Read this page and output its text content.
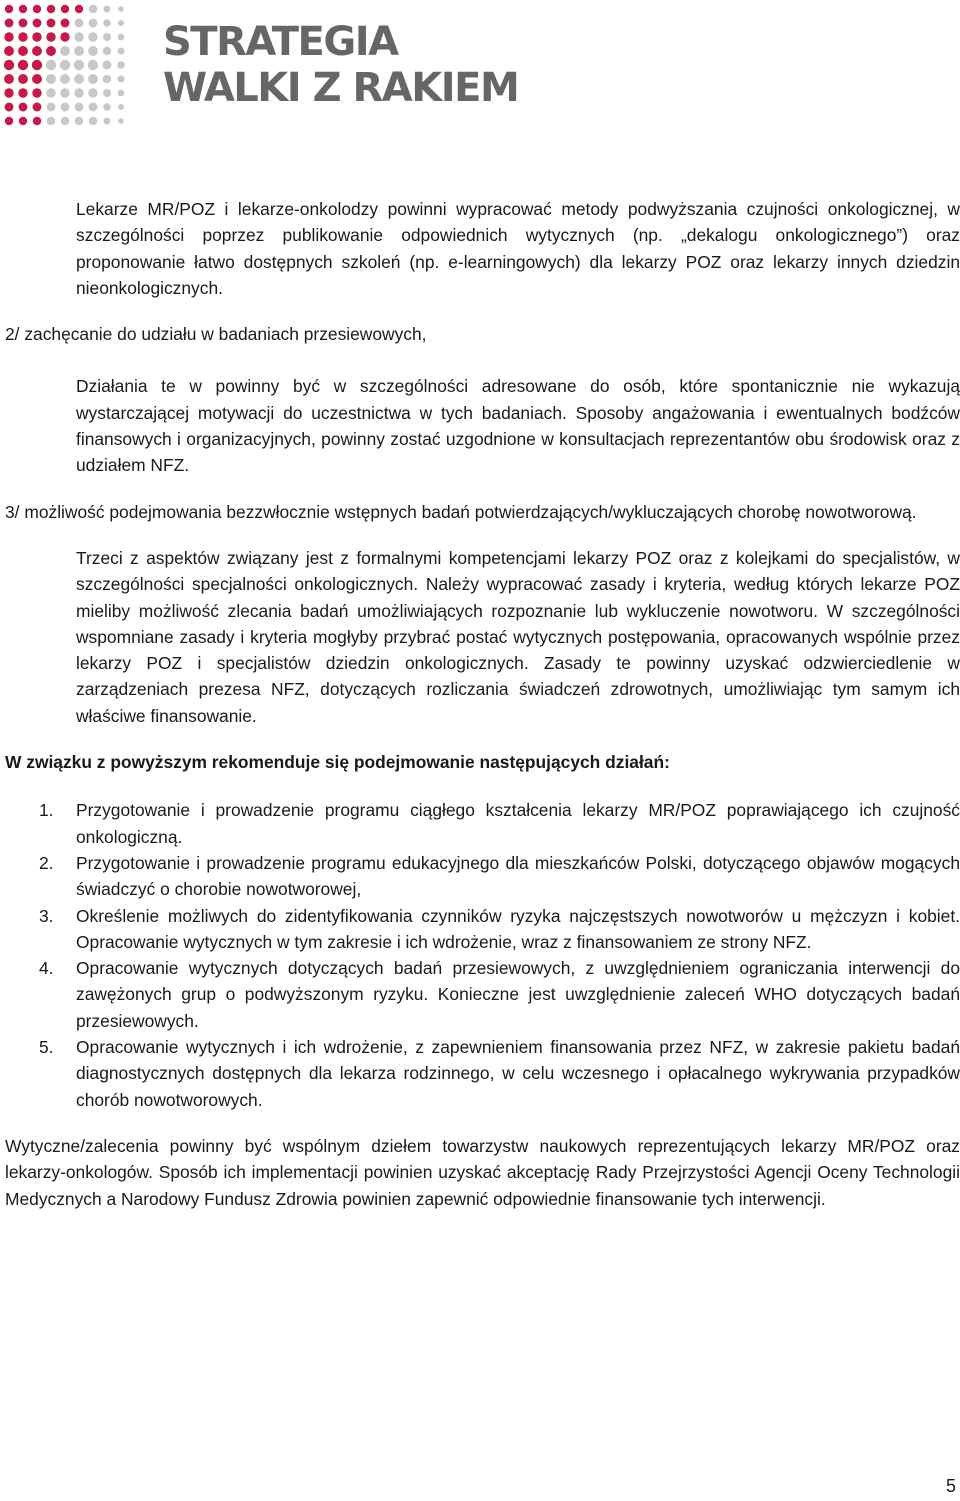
STRATEGIA
WALKI Z RAKIEM

Lekarze MR/POZ i lekarze-onkolodzy powinni wypracować metody podwyższania czujności onkologicznej, w szczególności poprzez publikowanie odpowiednich wytycznych (np. „dekalogu onkologicznego”) oraz proponowanie łatwo dostępnych szkoleń (np. e-learningowych) dla lekarzy POZ oraz lekarzy innych dziedzin nieonkologicznych.

2/ zachęcanie do udziału w badaniach przesiewowych,

Działania te w powinny być w szczególności adresowane do osób, które spontanicznie nie wykazują wystarczającej motywacji do uczestnictwa w tych badaniach. Sposoby angażowania i ewentualnych bodźców finansowych i organizacyjnych, powinny zostać uzgodnione w konsultacjach reprezentantów obu środowisk oraz z udziałem NFZ.

3/ możliwość podejmowania bezzwłocznie wstępnych badań potwierdzających/wykluczających chorobę nowotworową.

Trzeci z aspektów związany jest z formalnymi kompetencjami lekarzy POZ oraz z kolejkami do specjalistów, w szczególności specjalności onkologicznych. Należy wypracować zasady i kryteria, według których lekarze POZ mieliby możliwość zlecania badań umożliwiających rozpoznanie lub wykluczenie nowotworu. W szczególności wspomniane zasady i kryteria mogłyby przybrać postać wytycznych postępowania, opracowanych wspólnie przez lekarzy POZ i specjalistów dziedzin onkologicznych. Zasady te powinny uzyskać odzwierciedlenie w zarządzeniach prezesa NFZ, dotyczących rozliczania świadczeń zdrowotnych, umożliwiając tym samym ich właściwe finansowanie.

W związku z powyższym rekomenduje się podejmowanie następujących działań:

1. Przygotowanie i prowadzenie programu ciągłego kształcenia lekarzy MR/POZ poprawiającego ich czujność onkologiczną.
2. Przygotowanie i prowadzenie programu edukacyjnego dla mieszkańców Polski, dotyczącego objawów mogących świadczyć o chorobie nowotworowej,
3. Określenie możliwych do zidentyfikowania czynników ryzyka najczęstszych nowotworów u mężczyzn i kobiet. Opracowanie wytycznych w tym zakresie i ich wdrożenie, wraz z finansowaniem ze strony NFZ.
4. Opracowanie wytycznych dotyczących badań przesiewowych, z uwzględnieniem ograniczania interwencji do zawężonych grup o podwyższonym ryzyku. Konieczne jest uwzględnienie zaleceń WHO dotyczących badań przesiewowych.
5. Opracowanie wytycznych i ich wdrożenie, z zapewnieniem finansowania przez NFZ, w zakresie pakietu badań diagnostycznych dostępnych dla lekarza rodzinnego, w celu wczesnego i opłacalnego wykrywania przypadków chorób nowotworowych.

Wytyczne/zalecenia powinny być wspólnym dziełem towarzystw naukowych reprezentujących lekarzy MR/POZ oraz lekarzy-onkologów. Sposób ich implementacji powinien uzyskać akceptację Rady Przejrzystości Agencji Oceny Technologii Medycznych a Narodowy Fundusz Zdrowia powinien zapewnić odpowiednie finansowanie tych interwencji.

5
